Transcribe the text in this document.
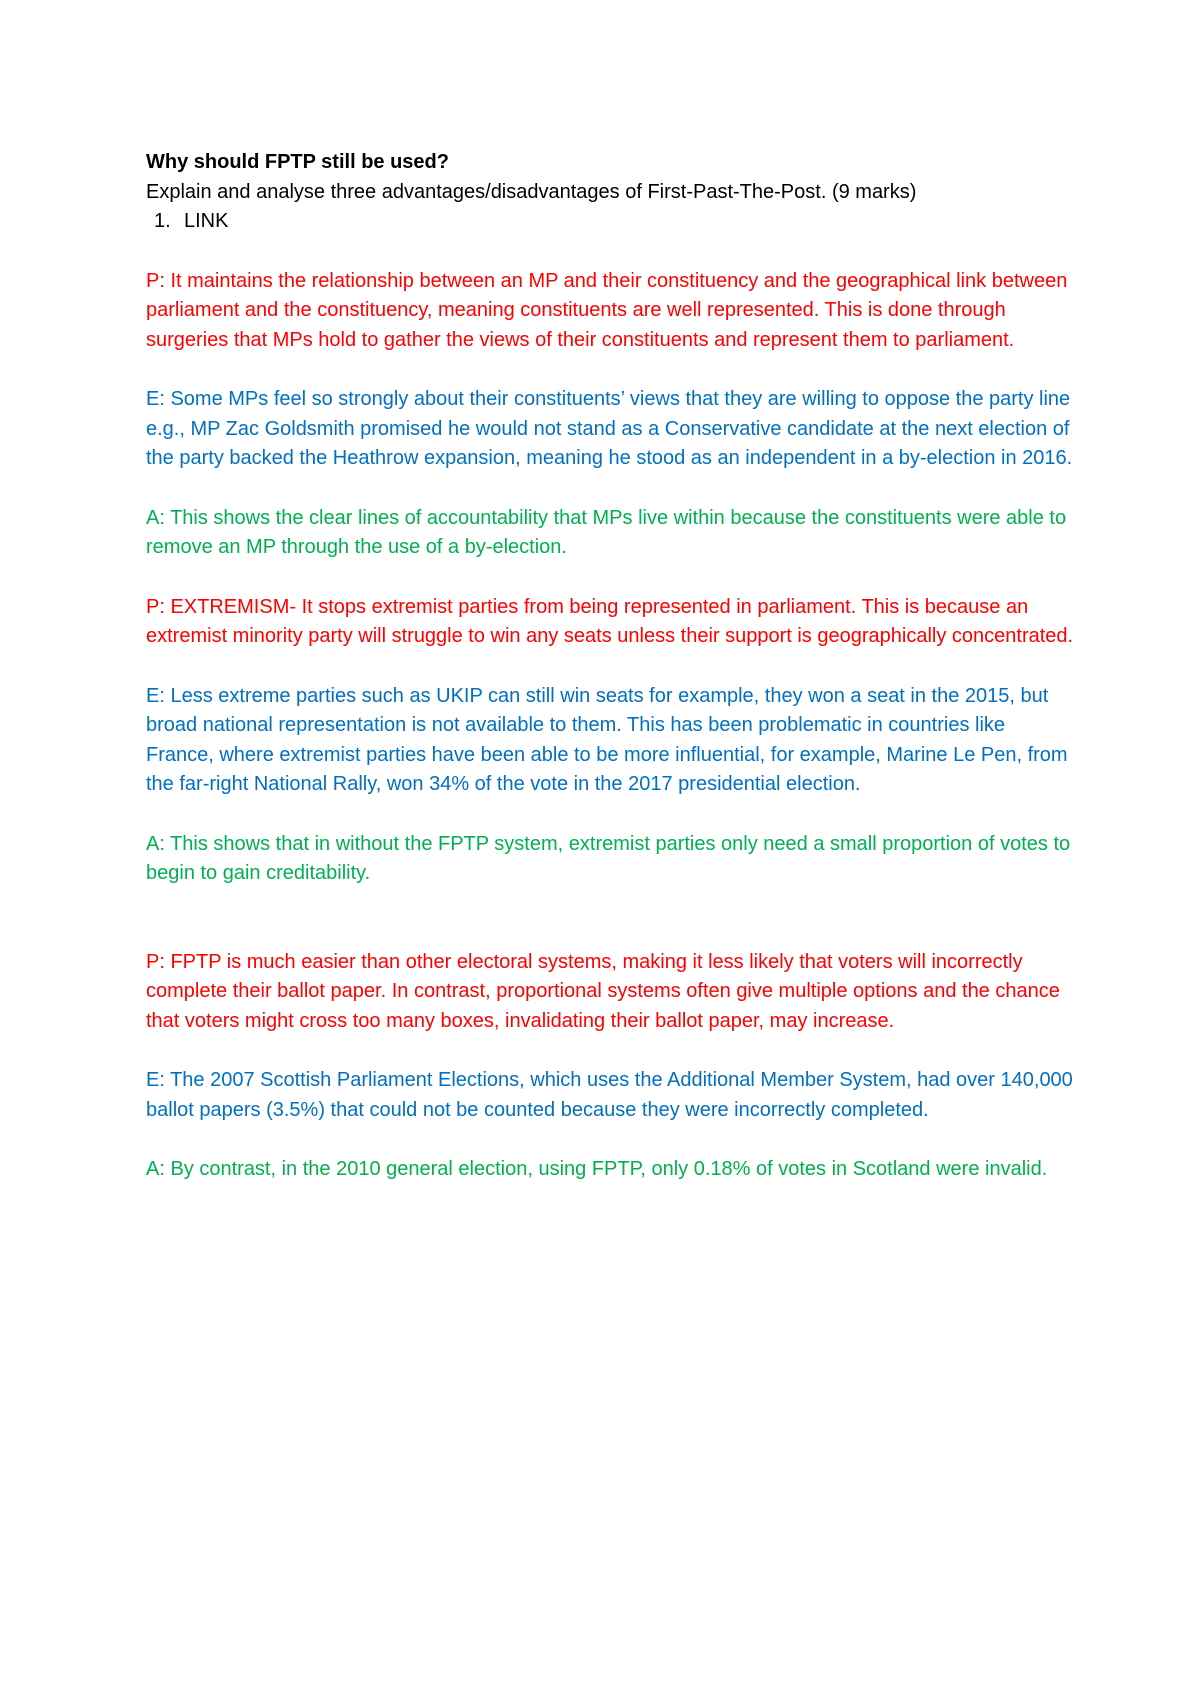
Why should FPTP still be used?

Explain and analyse three advantages/disadvantages of First-Past-The-Post. (9 marks)

1. LINK

P: It maintains the relationship between an MP and their constituency and the geographical link between parliament and the constituency, meaning constituents are well represented. This is done through surgeries that MPs hold to gather the views of their constituents and represent them to parliament.

E: Some MPs feel so strongly about their constituents’ views that they are willing to oppose the party line e.g., MP Zac Goldsmith promised he would not stand as a Conservative candidate at the next election of the party backed the Heathrow expansion, meaning he stood as an independent in a by-election in 2016.

A: This shows the clear lines of accountability that MPs live within because the constituents were able to remove an MP through the use of a by-election.

P: EXTREMISM- It stops extremist parties from being represented in parliament. This is because an extremist minority party will struggle to win any seats unless their support is geographically concentrated.

E: Less extreme parties such as UKIP can still win seats for example, they won a seat in the 2015, but broad national representation is not available to them. This has been problematic in countries like France, where extremist parties have been able to be more influential, for example, Marine Le Pen, from the far-right National Rally, won 34% of the vote in the 2017 presidential election.

A: This shows that in without the FPTP system, extremist parties only need a small proportion of votes to begin to gain creditability.

P: FPTP is much easier than other electoral systems, making it less likely that voters will incorrectly complete their ballot paper. In contrast, proportional systems often give multiple options and the chance that voters might cross too many boxes, invalidating their ballot paper, may increase.

E: The 2007 Scottish Parliament Elections, which uses the Additional Member System, had over 140,000 ballot papers (3.5%) that could not be counted because they were incorrectly completed.

A: By contrast, in the 2010 general election, using FPTP, only 0.18% of votes in Scotland were invalid.
